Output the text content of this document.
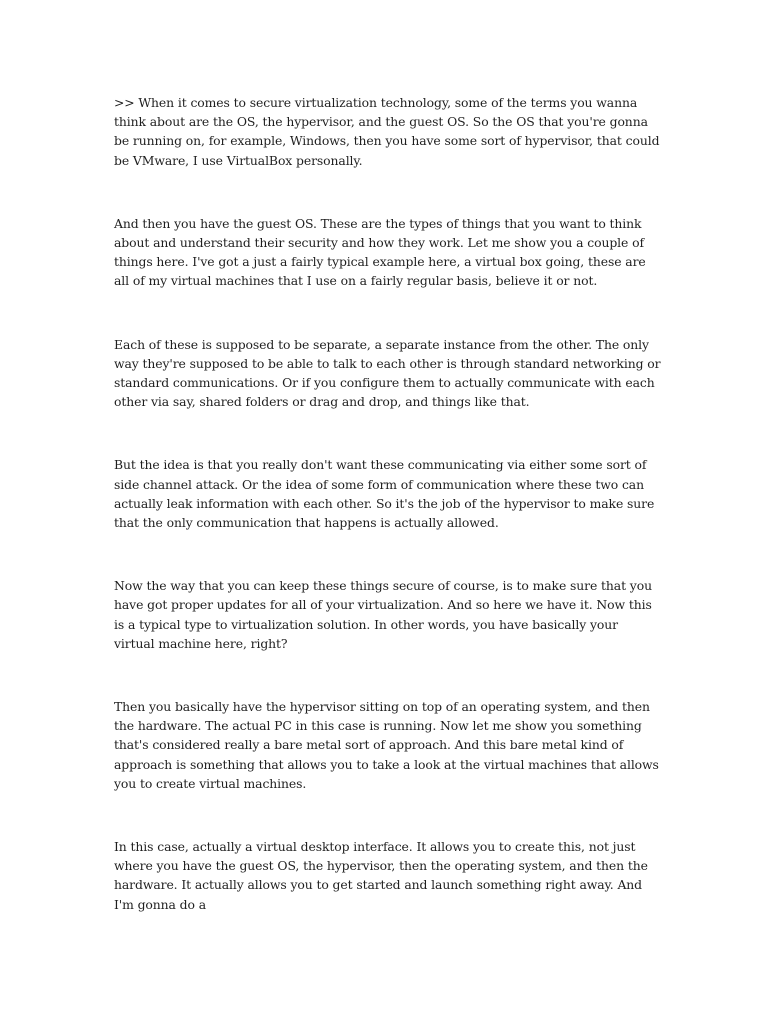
>> When it comes to secure virtualization technology, some of the terms you wanna think about are the OS, the hypervisor, and the guest OS. So the OS that you're gonna be running on, for example, Windows, then you have some sort of hypervisor, that could be VMware, I use VirtualBox personally.

And then you have the guest OS. These are the types of things that you want to think about and understand their security and how they work. Let me show you a couple of things here. I've got a just a fairly typical example here, a virtual box going, these are all of my virtual machines that I use on a fairly regular basis, believe it or not.

Each of these is supposed to be separate, a separate instance from the other. The only way they're supposed to be able to talk to each other is through standard networking or standard communications. Or if you configure them to actually communicate with each other via say, shared folders or drag and drop, and things like that.

But the idea is that you really don't want these communicating via either some sort of side channel attack. Or the idea of some form of communication where these two can actually leak information with each other. So it's the job of the hypervisor to make sure that the only communication that happens is actually allowed.

Now the way that you can keep these things secure of course, is to make sure that you have got proper updates for all of your virtualization. And so here we have it. Now this is a typical type to virtualization solution. In other words, you have basically your virtual machine here, right?

Then you basically have the hypervisor sitting on top of an operating system, and then the hardware. The actual PC in this case is running. Now let me show you something that's considered really a bare metal sort of approach. And this bare metal kind of approach is something that allows you to take a look at the virtual machines that allows you to create virtual machines.

In this case, actually a virtual desktop interface. It allows you to create this, not just where you have the guest OS, the hypervisor, then the operating system, and then the hardware. It actually allows you to get started and launch something right away. And I'm gonna do a
